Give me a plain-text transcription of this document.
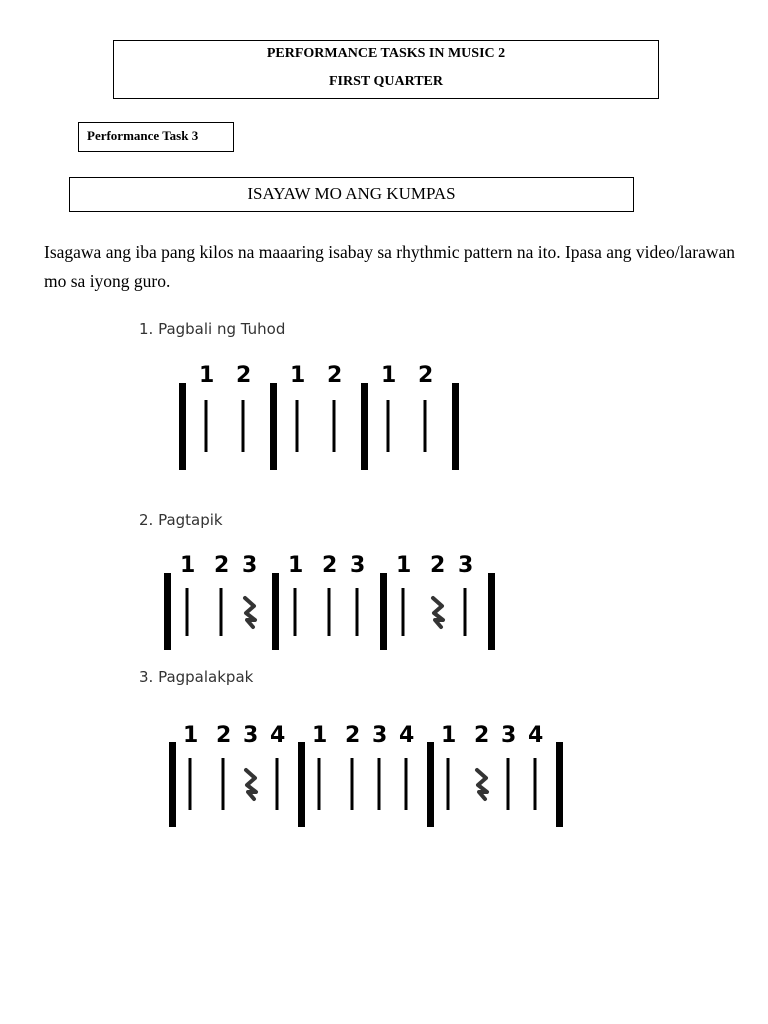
PERFORMANCE TASKS IN MUSIC 2
FIRST QUARTER
Performance Task 3
ISAYAW MO ANG KUMPAS

Isagawa ang iba pang kilos na maaaring isabay sa rhythmic pattern na ito. Ipasa ang video/larawan mo sa iyong guro.

1. Pagbali ng Tuhod
2. Pagtapik
3. Pagpalakpak
1 2 1 2 1 2
1 2 3 1 2 3 1 2 3
1 2 3 4 1 2 3 4 1 2 3 4
